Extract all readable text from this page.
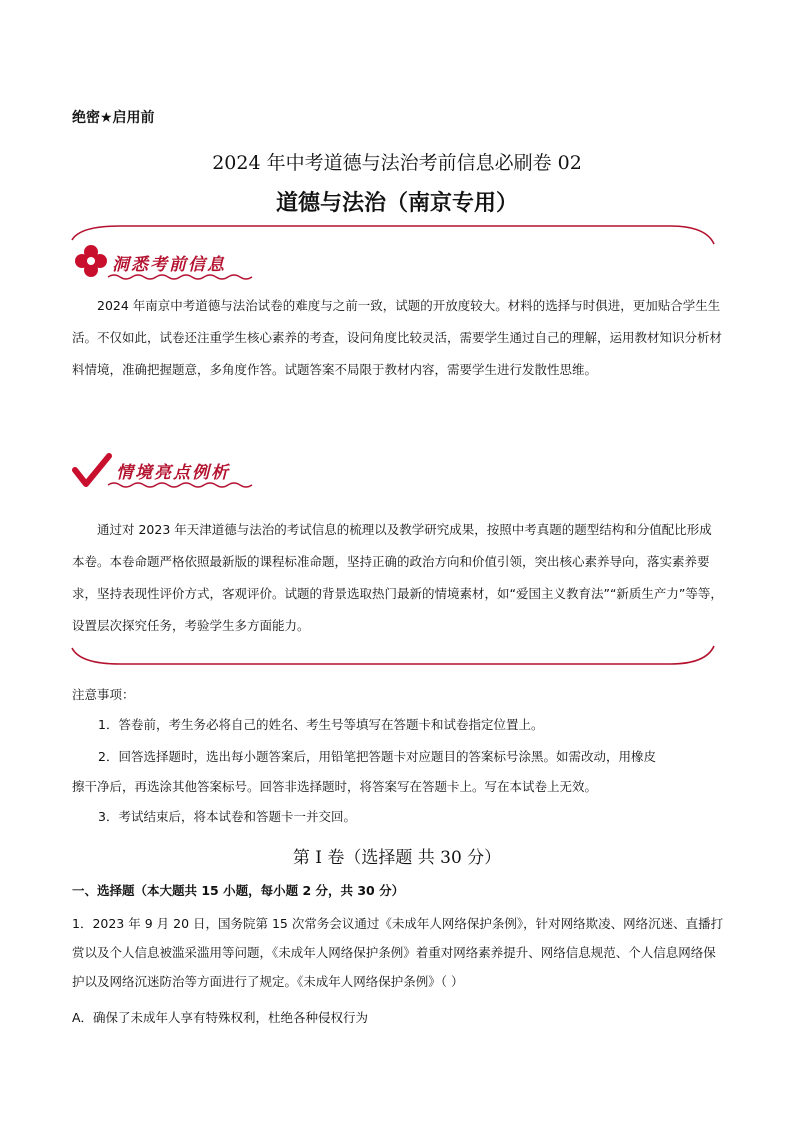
绝密★启用前
2024 年中考道德与法治考前信息必刷卷 02
道德与法治（南京专用）
洞悉考前信息
2024 年南京中考道德与法治试卷的难度与之前一致，试题的开放度较大。材料的选择与时俱进，更加贴合学生生活。不仅如此，试卷还注重学生核心素养的考查，设问角度比较灵活，需要学生通过自己的理解，运用教材知识分析材料情境，准确把握题意，多角度作答。试题答案不局限于教材内容，需要学生进行发散性思维。
情境亮点例析
通过对 2023 年天津道德与法治的考试信息的梳理以及教学研究成果，按照中考真题的题型结构和分值配比形成本卷。本卷命题严格依照最新版的课程标准命题，坚持正确的政治方向和价值引领，突出核心素养导向，落实素养要求，坚持表现性评价方式，客观评价。试题的背景选取热门最新的情境素材，如“爱国主义教育法”“新质生产力”等等，设置层次探究任务，考验学生多方面能力。
注意事项：
1．答卷前，考生务必将自己的姓名、考生号等填写在答题卡和试卷指定位置上。
2．回答选择题时，选出每小题答案后，用铅笔把答题卡对应题目的答案标号涂黑。如需改动，用橡皮
擦干净后，再选涂其他答案标号。回答非选择题时，将答案写在答题卡上。写在本试卷上无效。
3．考试结束后，将本试卷和答题卡一并交回。
第 I 卷（选择题 共 30 分）
一、选择题（本大题共 15 小题，每小题 2 分，共 30 分）
1．2023 年 9 月 20 日，国务院第 15 次常务会议通过《未成年人网络保护条例》，针对网络欺凌、网络沉迷、直播打赏以及个人信息被滥采滥用等问题，《未成年人网络保护条例》着重对网络素养提升、网络信息规范、个人信息网络保护以及网络沉迷防治等方面进行了规定。《未成年人网络保护条例》（ ）
A．确保了未成年人享有特殊权利，杜绝各种侵权行为
